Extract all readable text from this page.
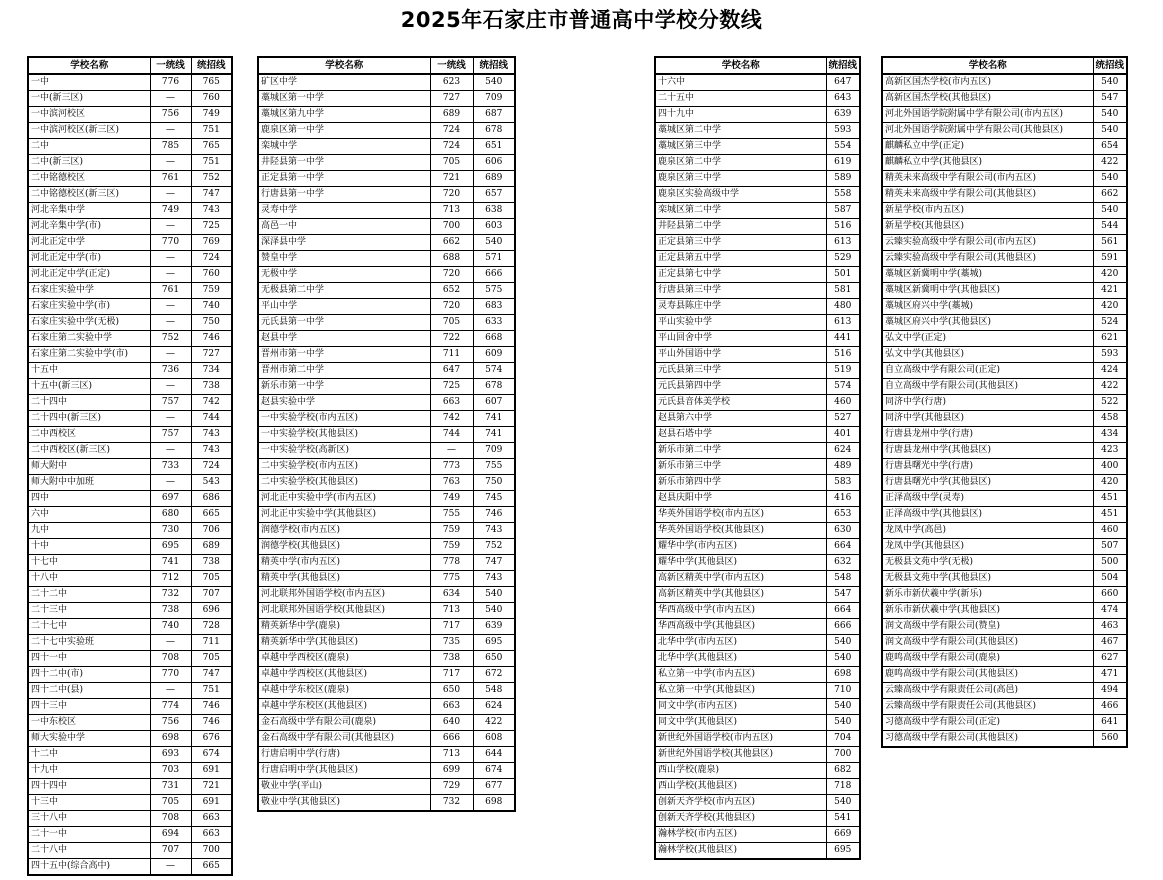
2025年石家庄市普通高中学校分数线
学校名称	一统线	统招线
一中	776	765
一中(新三区)	—	760
一中滨河校区	756	749
一中滨河校区(新三区)	—	751
二中	785	765
二中(新三区)	—	751
二中铭德校区	761	752
二中铭德校区(新三区)	—	747
河北辛集中学	749	743
河北辛集中学(市)	—	725
河北正定中学	770	769
河北正定中学(市)	—	724
河北正定中学(正定)	—	760
石家庄实验中学	761	759
石家庄实验中学(市)	—	740
石家庄实验中学(无极)	—	750
石家庄第二实验中学	752	746
石家庄第二实验中学(市)	—	727
十五中	736	734
十五中(新三区)	—	738
二十四中	757	742
二十四中(新三区)	—	744
二中西校区	757	743
二中西校区(新三区)	—	743
师大附中	733	724
师大附中中加班	—	543
四中	697	686
六中	680	665
九中	730	706
十中	695	689
十七中	741	738
十八中	712	705
二十二中	732	707
二十三中	738	696
二十七中	740	728
二十七中实验班	—	711
四十一中	708	705
四十二中(市)	770	747
四十二中(县)	—	751
四十三中	774	746
一中东校区	756	746
师大实验中学	698	676
十二中	693	674
十九中	703	691
四十四中	731	721
十三中	705	691
三十八中	708	663
二十一中	694	663
二十八中	707	700
四十五中(综合高中)	—	665
学校名称	一统线	统招线
矿区中学	623	540
藁城区第一中学	727	709
藁城区第九中学	689	687
鹿泉区第一中学	724	678
栾城中学	724	651
井陉县第一中学	705	606
正定县第一中学	721	689
行唐县第一中学	720	657
灵寿中学	713	638
高邑一中	700	603
深泽县中学	662	540
赞皇中学	688	571
无极中学	720	666
无极县第二中学	652	575
平山中学	720	683
元氏县第一中学	705	633
赵县中学	722	668
晋州市第一中学	711	609
晋州市第二中学	647	574
新乐市第一中学	725	678
赵县实验中学	663	607
一中实验学校(市内五区)	742	741
一中实验学校(其他县区)	744	741
一中实验学校(高新区)	—	709
二中实验学校(市内五区)	773	755
二中实验学校(其他县区)	763	750
河北正中实验中学(市内五区)	749	745
河北正中实验中学(其他县区)	755	746
润德学校(市内五区)	759	743
润德学校(其他县区)	759	752
精英中学(市内五区)	778	747
精英中学(其他县区)	775	743
河北联邦外国语学校(市内五区)	634	540
河北联邦外国语学校(其他县区)	713	540
精英新华中学(鹿泉)	717	639
精英新华中学(其他县区)	735	695
卓越中学西校区(鹿泉)	738	650
卓越中学西校区(其他县区)	717	672
卓越中学东校区(鹿泉)	650	548
卓越中学东校区(其他县区)	663	624
金石高级中学有限公司(鹿泉)	640	422
金石高级中学有限公司(其他县区)	666	608
行唐启明中学(行唐)	713	644
行唐启明中学(其他县区)	699	674
敬业中学(平山)	729	677
敬业中学(其他县区)	732	698
学校名称	统招线
十六中	647
二十五中	643
四十九中	639
藁城区第二中学	593
藁城区第三中学	554
鹿泉区第二中学	619
鹿泉区第三中学	589
鹿泉区实验高级中学	558
栾城区第二中学	587
井陉县第二中学	516
正定县第三中学	613
正定县第五中学	529
正定县第七中学	501
行唐县第三中学	581
灵寿县陈庄中学	480
平山实验中学	613
平山回舍中学	441
平山外国语中学	516
元氏县第三中学	519
元氏县第四中学	574
元氏县音体美学校	460
赵县第六中学	527
赵县石塔中学	401
新乐市第二中学	624
新乐市第三中学	489
新乐市第四中学	583
赵县庆阳中学	416
华英外国语学校(市内五区)	653
华英外国语学校(其他县区)	630
耀华中学(市内五区)	664
耀华中学(其他县区)	632
高新区精英中学(市内五区)	548
高新区精英中学(其他县区)	547
华西高级中学(市内五区)	664
华西高级中学(其他县区)	666
北华中学(市内五区)	540
北华中学(其他县区)	540
私立第一中学(市内五区)	698
私立第一中学(其他县区)	710
同文中学(市内五区)	540
同文中学(其他县区)	540
新世纪外国语学校(市内五区)	704
新世纪外国语学校(其他县区)	700
西山学校(鹿泉)	682
西山学校(其他县区)	718
创新天齐学校(市内五区)	540
创新天齐学校(其他县区)	541
瀚林学校(市内五区)	669
瀚林学校(其他县区)	695
学校名称	统招线
高新区国杰学校(市内五区)	540
高新区国杰学校(其他县区)	547
河北外国语学院附属中学有限公司(市内五区)	540
河北外国语学院附属中学有限公司(其他县区)	540
麒麟私立中学(正定)	654
麒麟私立中学(其他县区)	422
精英未来高级中学有限公司(市内五区)	540
精英未来高级中学有限公司(其他县区)	662
新星学校(市内五区)	540
新星学校(其他县区)	544
云臻实验高级中学有限公司(市内五区)	561
云臻实验高级中学有限公司(其他县区)	591
藁城区新冀明中学(藁城)	420
藁城区新冀明中学(其他县区)	421
藁城区府兴中学(藁城)	420
藁城区府兴中学(其他县区)	524
弘文中学(正定)	621
弘文中学(其他县区)	593
自立高级中学有限公司(正定)	424
自立高级中学有限公司(其他县区)	422
同济中学(行唐)	522
同济中学(其他县区)	458
行唐县龙州中学(行唐)	434
行唐县龙州中学(其他县区)	423
行唐县曙光中学(行唐)	400
行唐县曙光中学(其他县区)	420
正泽高级中学(灵寿)	451
正泽高级中学(其他县区)	451
龙凤中学(高邑)	460
龙凤中学(其他县区)	507
无极县文苑中学(无极)	500
无极县文苑中学(其他县区)	504
新乐市新伏羲中学(新乐)	660
新乐市新伏羲中学(其他县区)	474
润文高级中学有限公司(赞皇)	463
润文高级中学有限公司(其他县区)	467
鹿鸣高级中学有限公司(鹿泉)	627
鹿鸣高级中学有限公司(其他县区)	471
云臻高级中学有限责任公司(高邑)	494
云臻高级中学有限责任公司(其他县区)	466
习德高级中学有限公司(正定)	641
习德高级中学有限公司(其他县区)	560
